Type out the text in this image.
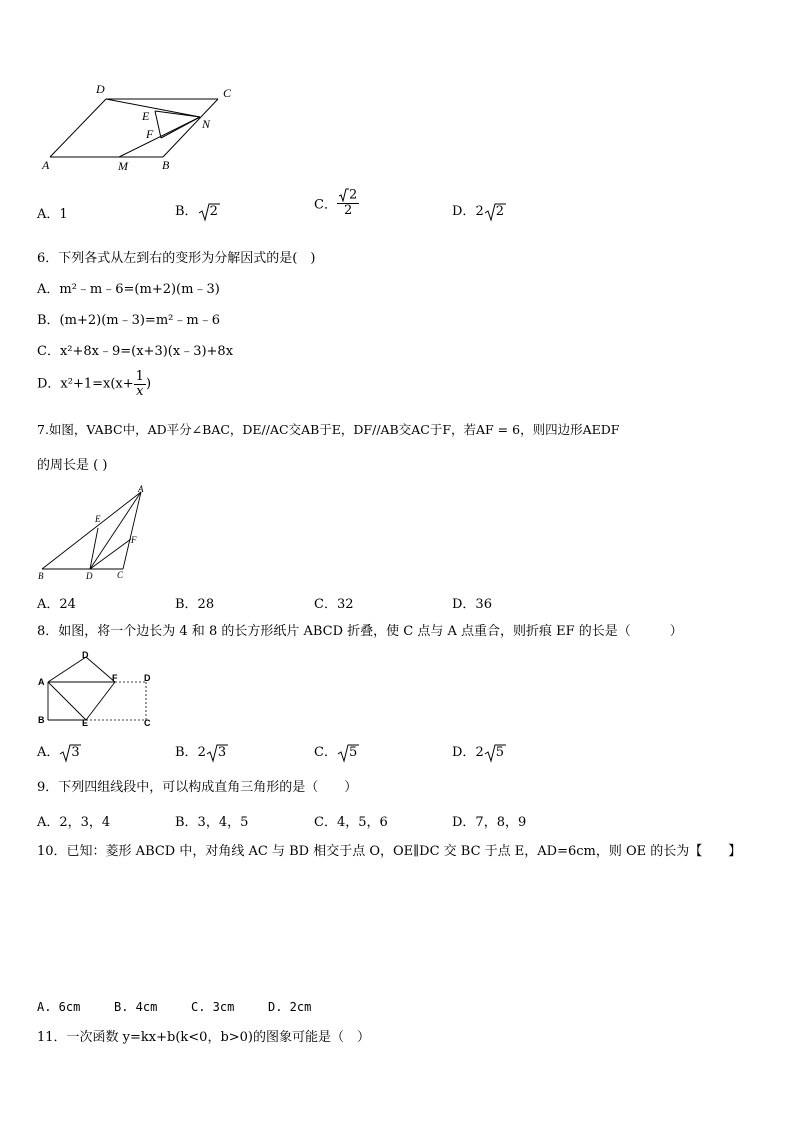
D	C
E
N
F
A	M	B
A．1	B． 2	C． $\frac{2}{2}$	D．2 2
6．下列各式从左到右的变形为分解因式的是(　)
A．m²﹣m﹣6=(m+2)(m﹣3)
B．(m+2)(m﹣3)=m²﹣m﹣6
C．x²+8x﹣9=(x+3)(x﹣3)+8x
D．$x^2+1=x(x+ \frac{1}{x}$ )
7.如图，VABC中，AD平分∠BAC，DE//AC交AB于E，DF//AB交AC于F，若AF = 6，则四边形AEDF
的周长是 ( )
A
E
F
B	D	C
A．24	B．28	C．32	D．36
8．如图，将一个边长为 4 和 8 的长方形纸片 ABCD 折叠，使 C 点与 A 点重合，则折痕 EF 的长是（　　　）
D
A	F	D
B	E	C
A． 3	B．2 3	C． 5	D．2 5
9．下列四组线段中，可以构成直角三角形的是（　　）
A．2，3，4	B．3，4，5	C．4，5，6	D．7，8，9
10．已知：菱形 ABCD 中，对角线 AC 与 BD 相交于点 O，OE∥DC 交 BC 于点 E，AD=6cm，则 OE 的长为【　　】
A. 6cm	B. 4cm	C. 3cm	D. 2cm
11．一次函数 y=kx+b(k<0，b>0)的图象可能是（　）
